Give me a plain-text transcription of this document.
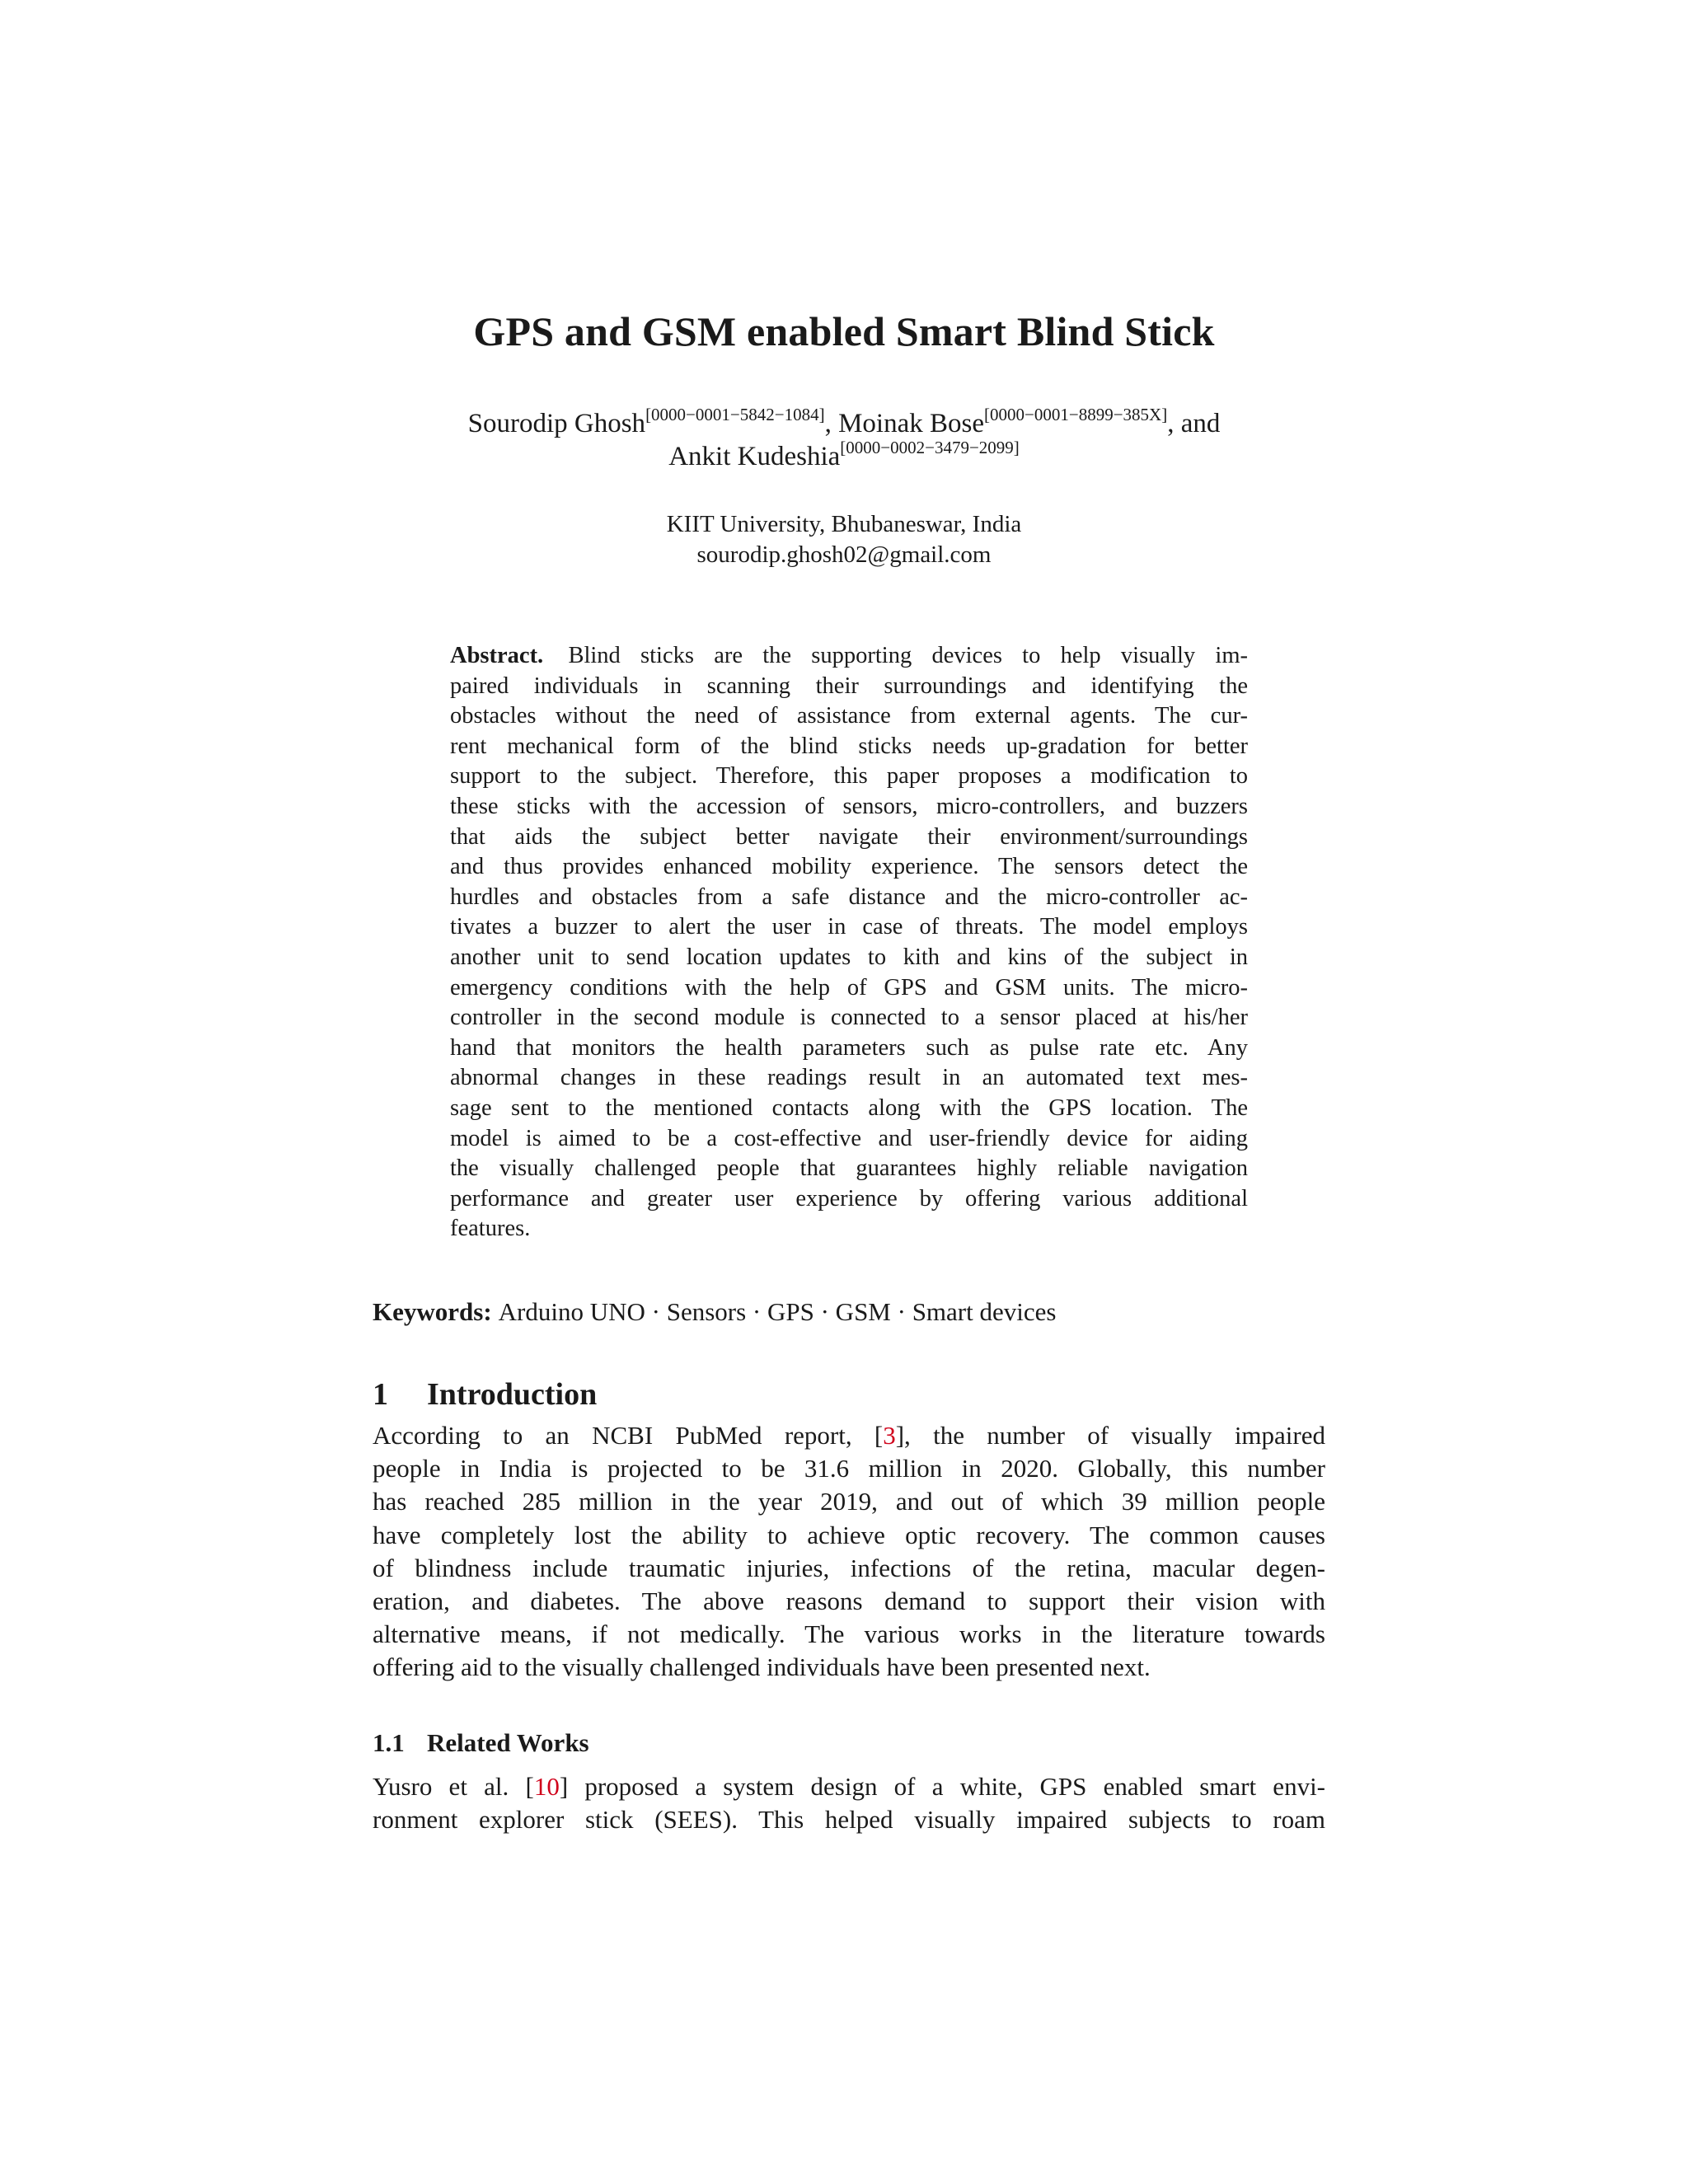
GPS and GSM enabled Smart Blind Stick
Sourodip Ghosh[0000−0001−5842−1084], Moinak Bose[0000−0001−8899−385X], and
Ankit Kudeshia[0000−0002−3479−2099]
KIIT University, Bhubaneswar, India
sourodip.ghosh02@gmail.com
Abstract. Blind sticks are the supporting devices to help visually im-
paired individuals in scanning their surroundings and identifying the
obstacles without the need of assistance from external agents. The cur-
rent mechanical form of the blind sticks needs up-gradation for better
support to the subject. Therefore, this paper proposes a modification to
these sticks with the accession of sensors, micro-controllers, and buzzers
that aids the subject better navigate their environment/surroundings
and thus provides enhanced mobility experience. The sensors detect the
hurdles and obstacles from a safe distance and the micro-controller ac-
tivates a buzzer to alert the user in case of threats. The model employs
another unit to send location updates to kith and kins of the subject in
emergency conditions with the help of GPS and GSM units. The micro-
controller in the second module is connected to a sensor placed at his/her
hand that monitors the health parameters such as pulse rate etc. Any
abnormal changes in these readings result in an automated text mes-
sage sent to the mentioned contacts along with the GPS location. The
model is aimed to be a cost-effective and user-friendly device for aiding
the visually challenged people that guarantees highly reliable navigation
performance and greater user experience by offering various additional
features.
Keywords: Arduino UNO · Sensors · GPS · GSM · Smart devices
1 Introduction
According to an NCBI PubMed report, [3], the number of visually impaired
people in India is projected to be 31.6 million in 2020. Globally, this number
has reached 285 million in the year 2019, and out of which 39 million people
have completely lost the ability to achieve optic recovery. The common causes
of blindness include traumatic injuries, infections of the retina, macular degen-
eration, and diabetes. The above reasons demand to support their vision with
alternative means, if not medically. The various works in the literature towards
offering aid to the visually challenged individuals have been presented next.
1.1 Related Works
Yusro et al. [10] proposed a system design of a white, GPS enabled smart envi-
ronment explorer stick (SEES). This helped visually impaired subjects to roam
